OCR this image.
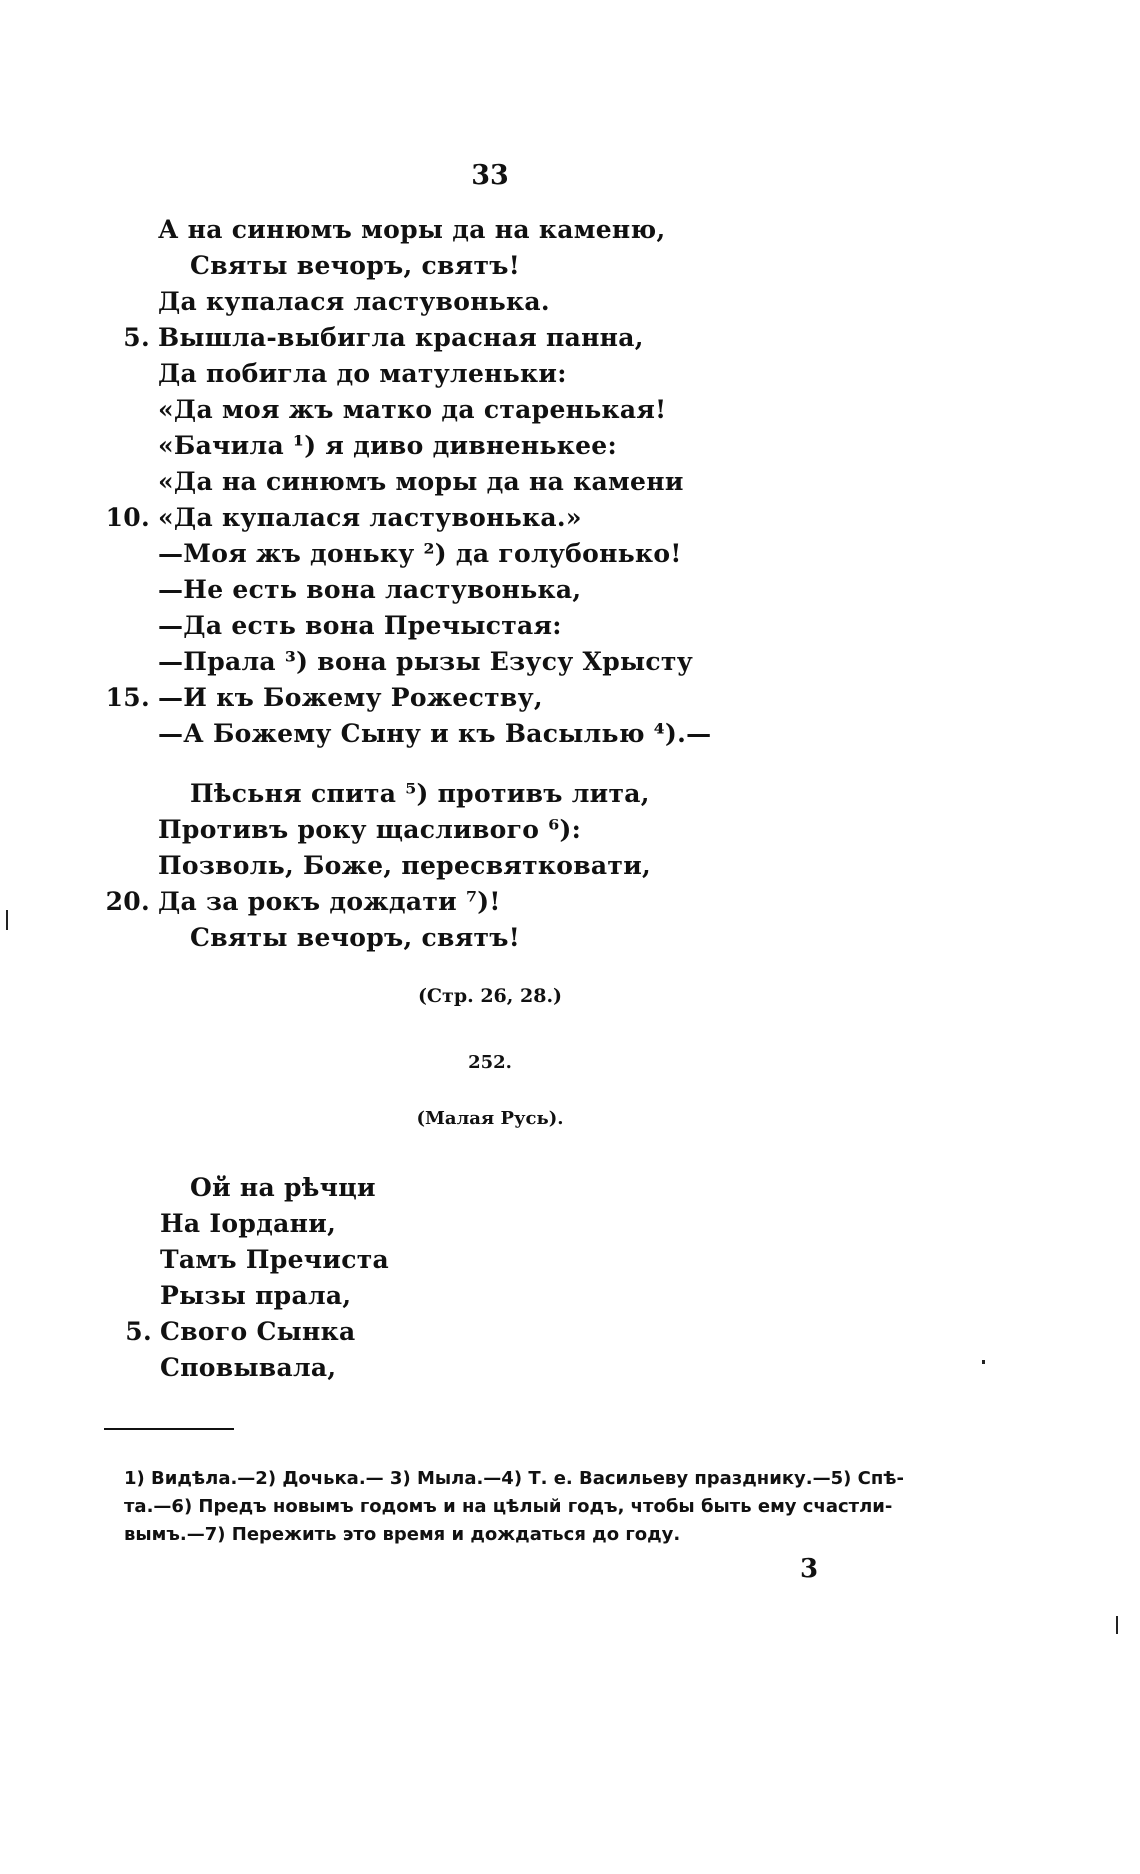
33
А на синюмъ моры да на каменю,
Святы вечоръ, святъ!
Да купалася ластувонька.
5. Вышла-выбигла красная панна,
Да побигла до матуленьки:
«Да моя жъ матко да старенькая!
«Бачила ¹) я диво дивненькее:
«Да на синюмъ моры да на камени
10. «Да купалася ластувонька.»
—Моя жъ доньку ²) да голубонько!
—Не есть вона ластувонька,
—Да есть вона Пречыстая:
—Прала ³) вона рызы Езусу Хрысту
15. —И къ Божему Рожеству,
—А Божему Сыну и къ Васылью ⁴).—
Пѣсьня спита ⁵) противъ лита,
Противъ року щасливого ⁶):
Позволь, Боже, пересвятковати,
20. Да за рокъ дождати ⁷)!
Святы вечоръ, святъ!
(Стр. 26, 28.)
252.
(Малая Русь).
Ой на рѣчци
На Іордани,
Тамъ Пречиста
Рызы прала,
5. Свого Сынка
Сповывала,
1) Видѣла.—2) Дочька.— 3) Мыла.—4) Т. е. Васильеву празднику.—5) Спѣ-
та.—6) Предъ новымъ годомъ и на цѣлый годъ, чтобы быть ему счастли-
вымъ.—7) Пережить это время и дождаться до году.
3
